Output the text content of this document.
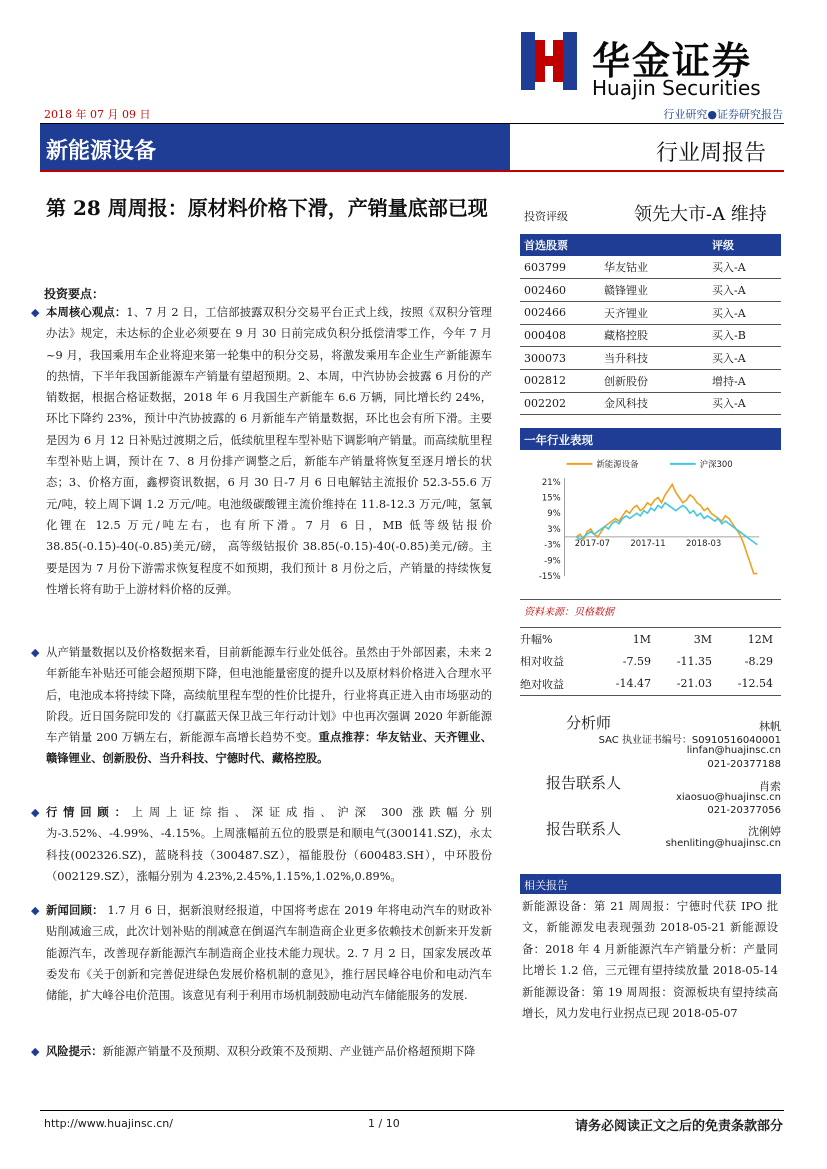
华金证券
Huajin Securities
2018 年 07 月 09 日	行业研究●证券研究报告
新能源设备	行业周报告
第 28 周周报：原材料价格下滑，产销量底部已现
投资要点：
◆ 本周核心观点：1、7 月 2 日，工信部披露双积分交易平台正式上线，按照《双积分管理办法》规定，未达标的企业必须要在 9 月 30 日前完成负积分抵偿清零工作，今年 7 月~9 月，我国乘用车企业将迎来第一轮集中的积分交易，将激发乘用车企业生产新能源车的热情，下半年我国新能源车产销量有望超预期。2、本周，中汽协协会披露 6 月份的产销数据，根据合格证数据，2018 年 6 月我国生产新能车 6.6 万辆，同比增长约 24%，环比下降约 23%，预计中汽协披露的 6 月新能车产销量数据，环比也会有所下滑。主要是因为 6 月 12 日补贴过渡期之后，低续航里程车型补贴下调影响产销量。而高续航里程车型补贴上调，预计在 7、8 月份排产调整之后，新能车产销量将恢复至逐月增长的状态；3、价格方面，鑫椤资讯数据，6 月 30 日-7 月 6 日电解钴主流报价 52.3-55.6 万元/吨，较上周下调 1.2 万元/吨。电池级碳酸锂主流价维持在 11.8-12.3 万元/吨，氢氧化锂在 12.5 万元/吨左右，也有所下滑。7 月 6 日，MB 低等级钴报价 38.85(-0.15)-40(-0.85)美元/磅， 高等级钴报价 38.85(-0.15)-40(-0.85)美元/磅。主要是因为 7 月份下游需求恢复程度不如预期，我们预计 8 月份之后，产销量的持续恢复性增长将有助于上游材料价格的反弹。
◆ 从产销量数据以及价格数据来看，目前新能源车行业处低谷。虽然由于外部因素，未来 2 年新能车补贴还可能会超预期下降，但电池能量密度的提升以及原材料价格进入合理水平后，电池成本将持续下降，高续航里程车型的性价比提升，行业将真正进入由市场驱动的阶段。近日国务院印发的《打赢蓝天保卫战三年行动计划》中也再次强调 2020 年新能源车产销量 200 万辆左右，新能源车高增长趋势不变。重点推荐：华友钴业、天齐锂业、赣锋锂业、创新股份、当升科技、宁德时代、藏格控股。
◆ 行情回顾：上周上证综指、深证成指、沪深 300 涨跌幅分别为-3.52%、-4.99%、-4.15%。上周涨幅前五位的股票是和顺电气(300141.SZ)，永太科技(002326.SZ)，蓝晓科技（300487.SZ），福能股份（600483.SH），中环股份（002129.SZ），涨幅分别为 4.23%,2.45%,1.15%,1.02%,0.89%。
◆ 新闻回顾： 1.7 月 6 日，据新浪财经报道，中国将考虑在 2019 年将电动汽车的财政补贴削减逾三成，此次计划补贴的削减意在倒逼汽车制造商企业更多依赖技术创新来开发新能源汽车，改善现存新能源汽车制造商企业技术能力现状。2. 7 月 2 日，国家发展改革委发布《关于创新和完善促进绿色发展价格机制的意见》，推行居民峰谷电价和电动汽车储能，扩大峰谷电价范围。该意见有利于利用市场机制鼓励电动汽车储能服务的发展.
◆ 风险提示：新能源产销量不及预期、双积分政策不及预期、产业链产品价格超预期下降
投资评级	领先大市-A 维持
首选股票		评级
603799	华友钴业	买入-A
002460	赣锋锂业	买入-A
002466	天齐锂业	买入-A
000408	藏格控股	买入-B
300073	当升科技	买入-A
002812	创新股份	增持-A
002202	金风科技	买入-A
一年行业表现
新能源设备	沪深300
21%
15%
9%
3%
-3%
-9%
-15%
2017-07 2017-11 2018-03
资料来源：贝格数据
升幅%	1M	3M	12M
相对收益	-7.59	-11.35	-8.29
绝对收益	-14.47	-21.03	-12.54
分析师	林帆
SAC 执业证书编号：S0910516040001
linfan@huajinsc.cn
021-20377188
报告联系人	肖索
xiaosuo@huajinsc.cn
021-20377056
报告联系人	沈俐婷
shenliting@huajinsc.cn
相关报告
新能源设备：第 21 周周报：宁德时代获 IPO 批文，新能源发电表现强劲 2018-05-21 新能源设备：2018 年 4 月新能源汽车产销量分析：产量同比增长 1.2 倍，三元锂有望持续放量 2018-05-14 新能源设备：第 19 周周报：资源板块有望持续高增长，风力发电行业拐点已现 2018-05-07
http://www.huajinsc.cn/	1 / 10	请务必阅读正文之后的免责条款部分
